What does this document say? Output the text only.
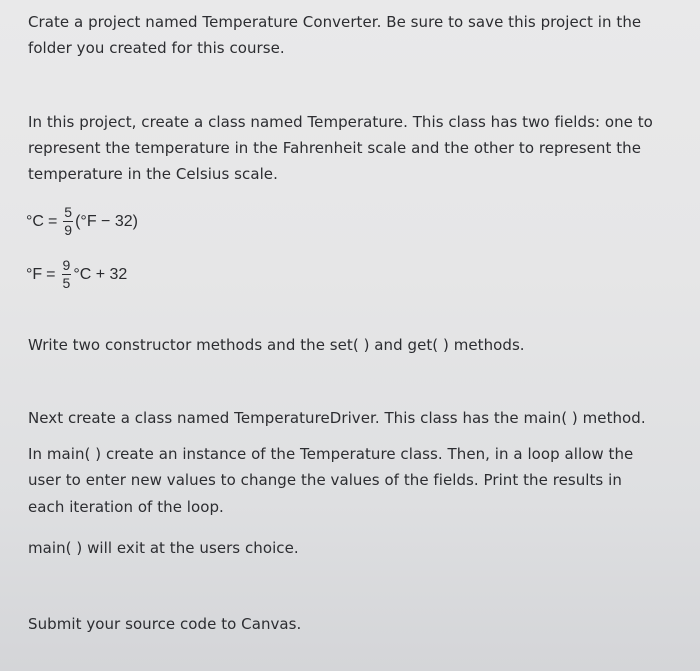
Crate a project named Temperature Converter. Be sure to save this project in the
folder you created for this course.
In this project, create a class named Temperature. This class has two fields: one to
represent the temperature in the Fahrenheit scale and the other to represent the
temperature in the Celsius scale.
$^\circ C = \frac{5}{9} (^\circ F - 32)$
$^\circ F = \frac{9}{5} ^\circ C + 32$
Write two constructor methods and the set( ) and get( ) methods.
Next create a class named TemperatureDriver. This class has the main( ) method.
In main( ) create an instance of the Temperature class. Then, in a loop allow the
user to enter new values to change the values of the fields. Print the results in
each iteration of the loop.
main( ) will exit at the users choice.
Submit your source code to Canvas.
